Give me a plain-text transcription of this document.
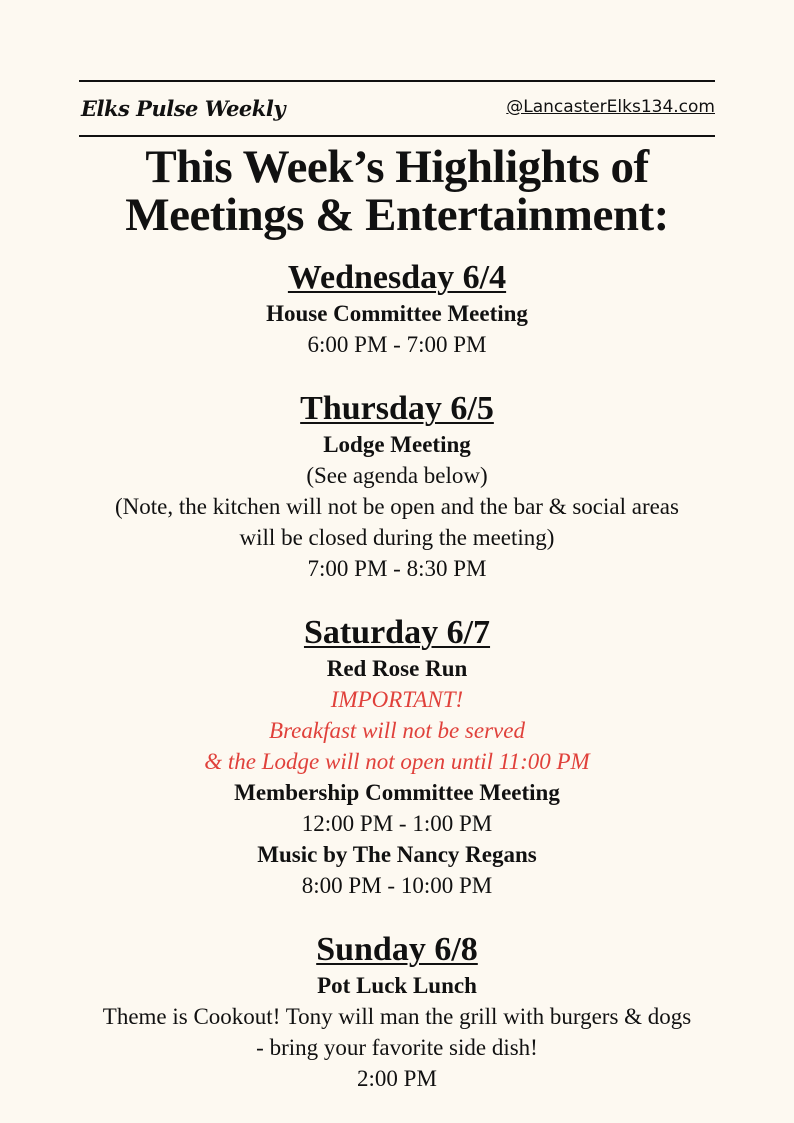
Elks Pulse Weekly	@LancasterElks134.com
This Week’s Highlights of
Meetings & Entertainment:
Wednesday 6/4
House Committee Meeting
6:00 PM - 7:00 PM
Thursday 6/5
Lodge Meeting
(See agenda below)
(Note, the kitchen will not be open and the bar & social areas
will be closed during the meeting)
7:00 PM - 8:30 PM
Saturday 6/7
Red Rose Run
IMPORTANT!
Breakfast will not be served
& the Lodge will not open until 11:00 PM
Membership Committee Meeting
12:00 PM - 1:00 PM
Music by The Nancy Regans
8:00 PM - 10:00 PM
Sunday 6/8
Pot Luck Lunch
Theme is Cookout! Tony will man the grill with burgers & dogs
- bring your favorite side dish!
2:00 PM
